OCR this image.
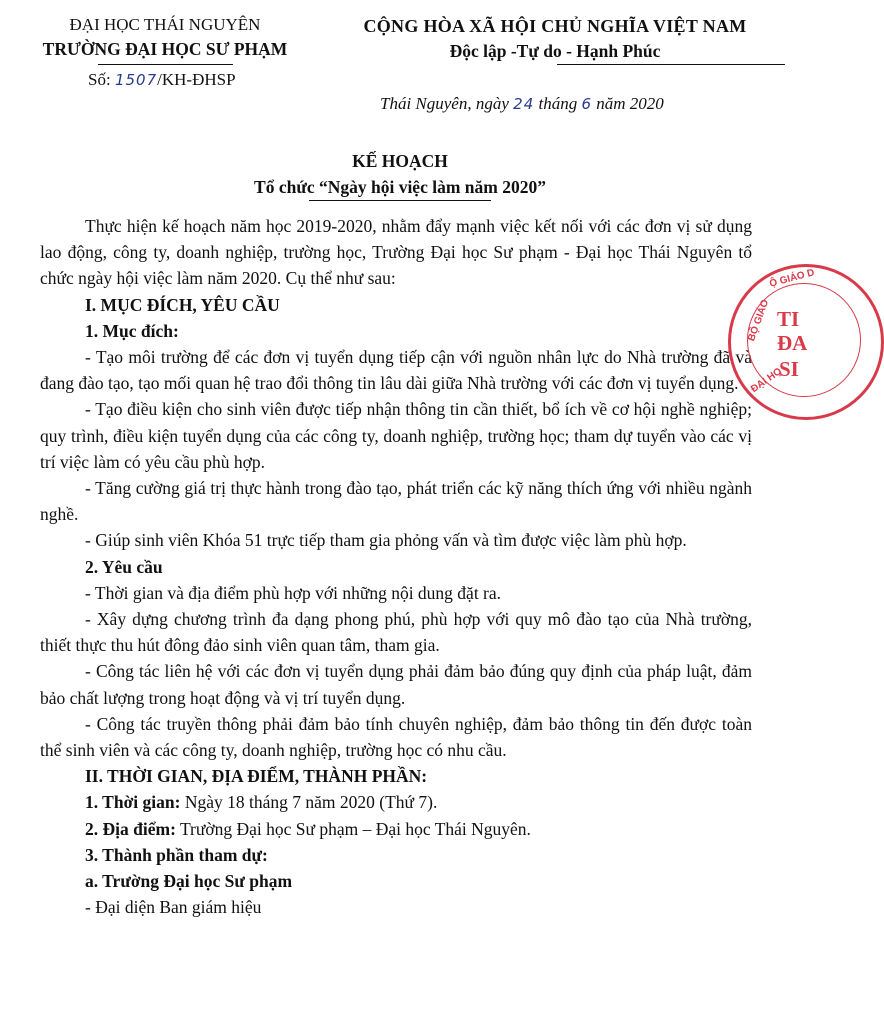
ĐẠI HỌC THÁI NGUYÊN
TRƯỜNG ĐẠI HỌC SƯ PHẠM
Số: 1507/KH-ĐHSP
CỘNG HÒA XÃ HỘI CHỦ NGHĨA VIỆT NAM
Độc lập -Tự do - Hạnh Phúc
Thái Nguyên, ngày 24 tháng 6 năm 2020
KẾ HOẠCH
Tổ chức “Ngày hội việc làm năm 2020”

Thực hiện kế hoạch năm học 2019-2020, nhằm đẩy mạnh việc kết nối với các đơn vị sử dụng lao động, công ty, doanh nghiệp, trường học, Trường Đại học Sư phạm - Đại học Thái Nguyên tổ chức ngày hội việc làm năm 2020. Cụ thể như sau:

I. MỤC ĐÍCH, YÊU CẦU

1. Mục đích:

- Tạo môi trường để các đơn vị tuyển dụng tiếp cận với nguồn nhân lực do Nhà trường đã và đang đào tạo, tạo mối quan hệ trao đổi thông tin lâu dài giữa Nhà trường với các đơn vị tuyển dụng.

- Tạo điều kiện cho sinh viên được tiếp nhận thông tin cần thiết, bổ ích về cơ hội nghề nghiệp; quy trình, điều kiện tuyển dụng của các công ty, doanh nghiệp, trường học; tham dự tuyển vào các vị trí việc làm có yêu cầu phù hợp.

- Tăng cường giá trị thực hành trong đào tạo, phát triển các kỹ năng thích ứng với nhiều ngành nghề.

- Giúp sinh viên Khóa 51 trực tiếp tham gia phỏng vấn và tìm được việc làm phù hợp.

2. Yêu cầu

- Thời gian và địa điểm phù hợp với những nội dung đặt ra.

- Xây dựng chương trình đa dạng phong phú, phù hợp với quy mô đào tạo của Nhà trường, thiết thực thu hút đông đảo sinh viên quan tâm, tham gia.

- Công tác liên hệ với các đơn vị tuyển dụng phải đảm bảo đúng quy định của pháp luật, đảm bảo chất lượng trong hoạt động và vị trí tuyển dụng.

- Công tác truyền thông phải đảm bảo tính chuyên nghiệp, đảm bảo thông tin đến được toàn thể sinh viên và các công ty, doanh nghiệp, trường học có nhu cầu.

II. THỜI GIAN, ĐỊA ĐIỂM, THÀNH PHẦN:

1. Thời gian: Ngày 18 tháng 7 năm 2020 (Thứ 7).

2. Địa điểm: Trường Đại học Sư phạm – Đại học Thái Nguyên.

3. Thành phần tham dự:

a. Trường Đại học Sư phạm

- Đại diện Ban giám hiệu

Ộ GIÁO D
BỘ GIÁO
ĐẠI HỌ
TI
ĐA
SI
